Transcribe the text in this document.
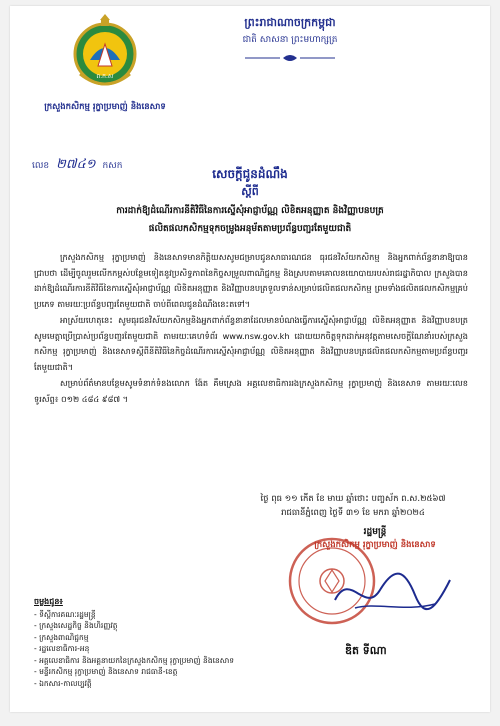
ព.ក.ស
ក្រសួងកសិកម្ម រុក្ខាប្រមាញ់ និងនេសាទ
ព្រះរាជាណាចក្រកម្ពុជា
ជាតិ សាសនា ព្រះមហាក្សត្រ
លេខ ២៧៤១ កសក
សេចក្តីជូនដំណឹង
ស្តីពី
ការដាក់ឱ្យដំណើរការនីតិវិធីនៃការស្នើសុំអាជ្ញាប័ណ្ណ លិខិតអនុញ្ញាត និងវិញ្ញាបនបត្រ
ផលិតផលកសិកម្មទុកចម្រូងអនុម័តតាមប្រព័ន្ធបញ្ជរតែមួយជាតិ

ក្រសួងកសិកម្ម រុក្ខាប្រមាញ់ និងនេសាទមានកិត្តិយសសូមជម្រាបជូនសាធារណជន ធុរជនវិស័យកសិកម្ម និងអ្នកពាក់ព័ន្ធនានាឱ្យបានជ្រាបថា ដើម្បីចូលរួមលើកកម្ពស់បន្ថែមទៀតនូវប្រសិទ្ធភាពនៃកិច្ចសម្រួលពាណិជ្ជកម្ម និងស្របតាមគោលនយោបាយរបស់រាជរដ្ឋាភិបាល ក្រសួងបានដាក់ឱ្យដំណើរការនីតិវិធីនៃការស្នើសុំអាជ្ញាប័ណ្ណ លិខិតអនុញ្ញាត និងវិញ្ញាបនបត្រទួលទាន់សម្រាប់ផលិតផលកសិកម្ម ព្រមទាំងផលិតផលកសិកម្មគ្រប់ប្រភេទ តាមរយៈប្រព័ន្ធបញ្ជរតែមួយជាតិ ចាប់ពីពេលជូនដំណឹងនេះតទៅ។

អាស្រ័យហេតុនេះ សូមធុរជនវិស័យកសិកម្មនិងអ្នកពាក់ព័ន្ធនានាដែលមានបំណងធ្វើការស្នើសុំអាជ្ញាប័ណ្ណ លិខិតអនុញ្ញាត និងវិញ្ញាបនបត្រ សូមមេត្តាប្រើប្រាស់ប្រព័ន្ធបញ្ជរតែមួយជាតិ តាមរយៈគេហទំព័រ www.nsw.gov.kh ដោយយកចិត្តទុកដាក់អនុវត្តតាមសេចក្តីណែនាំរបស់ក្រសួងកសិកម្ម រុក្ខាប្រមាញ់ និងនេសាទស្តីពីនីតិវិធីនៃកិច្ចដំណើរការស្នើសុំអាជ្ញាប័ណ្ណ លិខិតអនុញ្ញាត និងវិញ្ញាបនបត្រផលិតផលកសិកម្មតាមប្រព័ន្ធបញ្ជរតែមួយជាតិ។

សម្រាប់ព័ត៌មានបន្ថែមសូមទំនាក់ទំនងលោក ង៉ែត គឹមស្រេង អគ្គលេខាធិការរងក្រសួងកសិកម្ម រុក្ខាប្រមាញ់ និងនេសាទ តាមរយៈលេខទូរស័ព្ទ៖ ០១២ ៤៨៤ ៩៨៧ ។

ថ្ងៃ ពុធ ១១ កើត ខែ មាឃ ឆ្នាំថោះ បញ្ចស័ក ព.ស.២៥៦៧
រាជធានីភ្នំពេញ ថ្ងៃទី ៣១ ខែ មករា ឆ្នាំ២០២៤
រដ្ឋមន្ត្រី
ក្រសួងកសិកម្ម រុក្ខាប្រមាញ់ និងនេសាទ
ឌិត ទីណា
ចម្លងជូន៖
- ទីស្តីការគណៈរដ្ឋមន្ត្រី
- ក្រសួងសេដ្ឋកិច្ច និងហិរញ្ញវត្ថុ
- ក្រសួងពាណិជ្ជកម្ម
- រដ្ឋលេខាធិការ-អនុ
- អគ្គលេខាធិការ និងអគ្គនាយកនៃក្រសួងកសិកម្ម រុក្ខាប្រមាញ់ និងនេសាទ
- មន្ទីរកសិកម្ម រុក្ខាប្រមាញ់ និងនេសាទ រាជធានី-ខេត្ត
- ឯកសារ-កាលប្បវត្តិ
